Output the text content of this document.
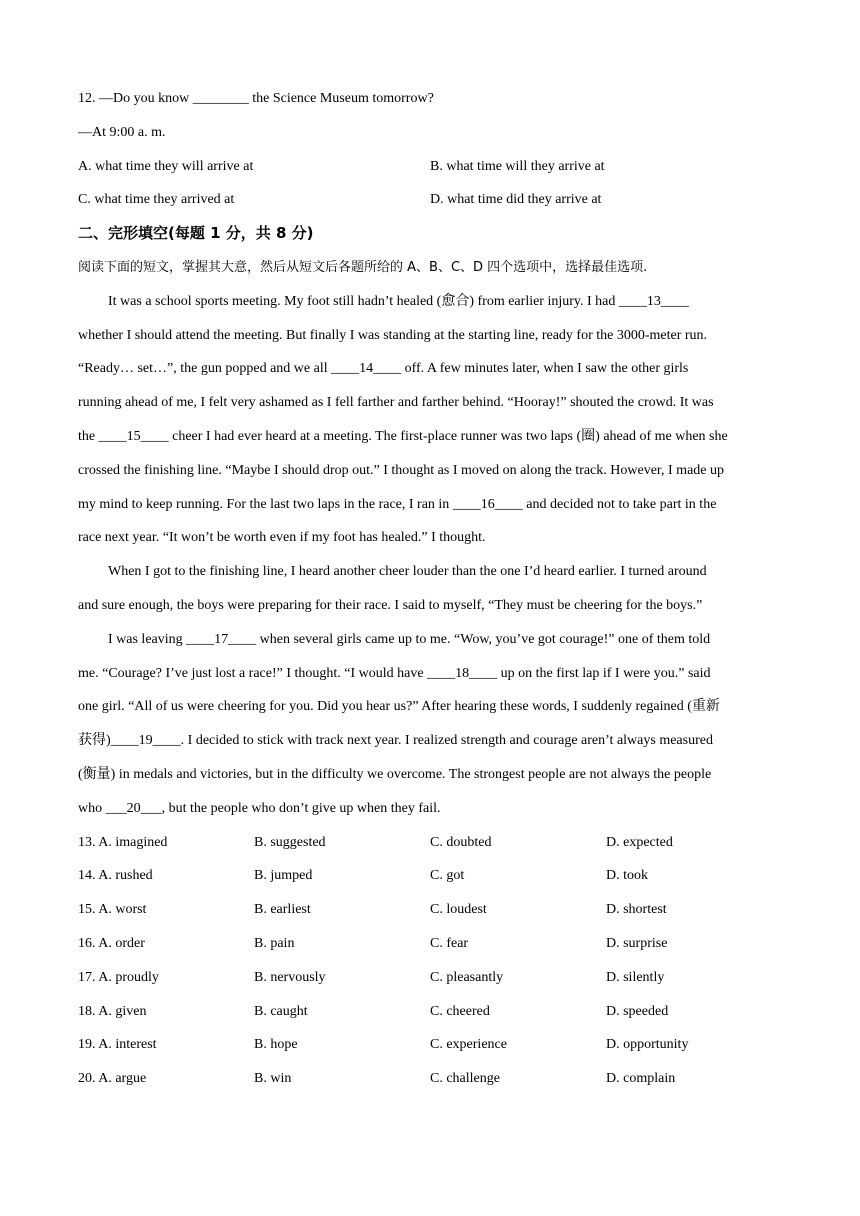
12. —Do you know ________ the Science Museum tomorrow?
—At 9:00 a. m.
A. what time they will arrive at	B. what time will they arrive at
C. what time they arrived at	D. what time did they arrive at
二、完形填空(每题 1 分，共 8 分)
阅读下面的短文，掌握其大意，然后从短文后各题所给的 A、B、C、D 四个选项中，选择最佳选项.
It was a school sports meeting. My foot still hadn’t healed (愈合) from earlier injury. I had ____13____
whether I should attend the meeting. But finally I was standing at the starting line, ready for the 3000-meter run.
“Ready… set…”, the gun popped and we all ____14____ off. A few minutes later, when I saw the other girls
running ahead of me, I felt very ashamed as I fell farther and farther behind. “Hooray!” shouted the crowd. It was
the ____15____ cheer I had ever heard at a meeting. The first-place runner was two laps (圈) ahead of me when she
crossed the finishing line. “Maybe I should drop out.” I thought as I moved on along the track. However, I made up
my mind to keep running. For the last two laps in the race, I ran in ____16____ and decided not to take part in the
race next year. “It won’t be worth even if my foot has healed.” I thought.
When I got to the finishing line, I heard another cheer louder than the one I’d heard earlier. I turned around
and sure enough, the boys were preparing for their race. I said to myself, “They must be cheering for the boys.”
I was leaving ____17____ when several girls came up to me. “Wow, you’ve got courage!” one of them told
me. “Courage? I’ve just lost a race!” I thought. “I would have ____18____ up on the first lap if I were you.” said
one girl. “All of us were cheering for you. Did you hear us?” After hearing these words, I suddenly regained (重新
获得)____19____. I decided to stick with track next year. I realized strength and courage aren’t always measured
(衡量) in medals and victories, but in the difficulty we overcome. The strongest people are not always the people
who ___20___, but the people who don’t give up when they fail.
13. A. imagined	B. suggested	C. doubted	D. expected
14. A. rushed	B. jumped	C. got	D. took
15. A. worst	B. earliest	C. loudest	D. shortest
16. A. order	B. pain	C. fear	D. surprise
17. A. proudly	B. nervously	C. pleasantly	D. silently
18. A. given	B. caught	C. cheered	D. speeded
19. A. interest	B. hope	C. experience	D. opportunity
20. A. argue	B. win	C. challenge	D. complain
